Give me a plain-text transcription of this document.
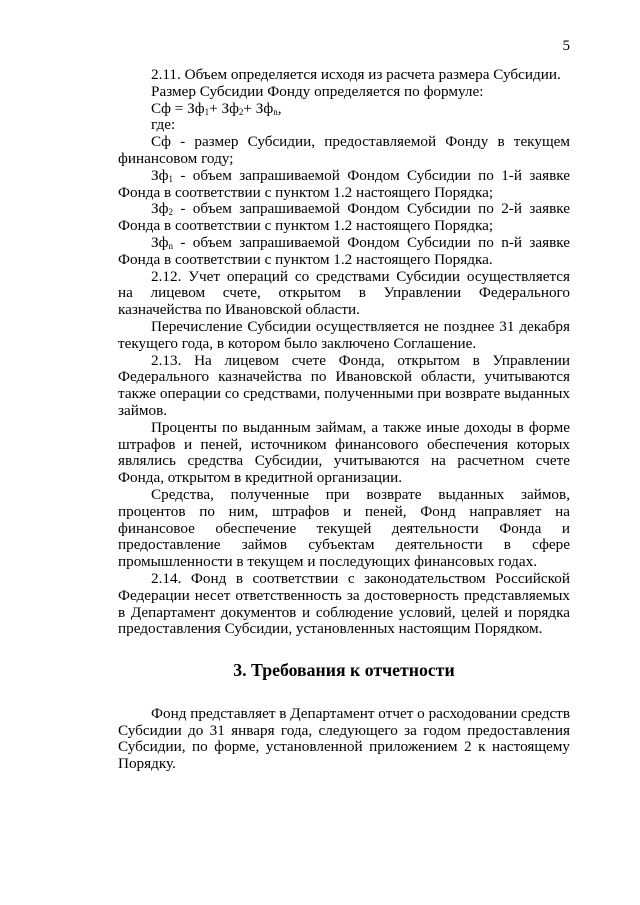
5

2.11. Объем определяется исходя из расчета размера Субсидии.

Размер Субсидии Фонду определяется по формуле:

Сф = $Зф_1+ Зф_2+ Зф_n$,

где:

Сф - размер Субсидии, предоставляемой Фонду в текущем финансовом году;

$Зф_1$ - объем запрашиваемой Фондом Субсидии по 1-й заявке Фонда в соответствии с пунктом 1.2 настоящего Порядка;

$Зф_2$ - объем запрашиваемой Фондом Субсидии по 2-й заявке Фонда в соответствии с пунктом 1.2 настоящего Порядка;

$Зф_n$ - объем запрашиваемой Фондом Субсидии по n-й заявке Фонда в соответствии с пунктом 1.2 настоящего Порядка.

2.12. Учет операций со средствами Субсидии осуществляется на лицевом счете, открытом в Управлении Федерального казначейства по Ивановской области.

Перечисление Субсидии осуществляется не позднее 31 декабря текущего года, в котором было заключено Соглашение.

2.13. На лицевом счете Фонда, открытом в Управлении Федерального казначейства по Ивановской области, учитываются также операции со средствами, полученными при возврате выданных займов.

Проценты по выданным займам, а также иные доходы в форме штрафов и пеней, источником финансового обеспечения которых являлись средства Субсидии, учитываются на расчетном счете Фонда, открытом в кредитной организации.

Средства, полученные при возврате выданных займов, процентов по ним, штрафов и пеней, Фонд направляет на финансовое обеспечение текущей деятельности Фонда и предоставление займов субъектам деятельности в сфере промышленности в текущем и последующих финансовых годах.

2.14. Фонд в соответствии с законодательством Российской Федерации несет ответственность за достоверность представляемых в Департамент документов и соблюдение условий, целей и порядка предоставления Субсидии, установленных настоящим Порядком.

3. Требования к отчетности

Фонд представляет в Департамент отчет о расходовании средств Субсидии до 31 января года, следующего за годом предоставления Субсидии, по форме, установленной приложением 2 к настоящему Порядку.
